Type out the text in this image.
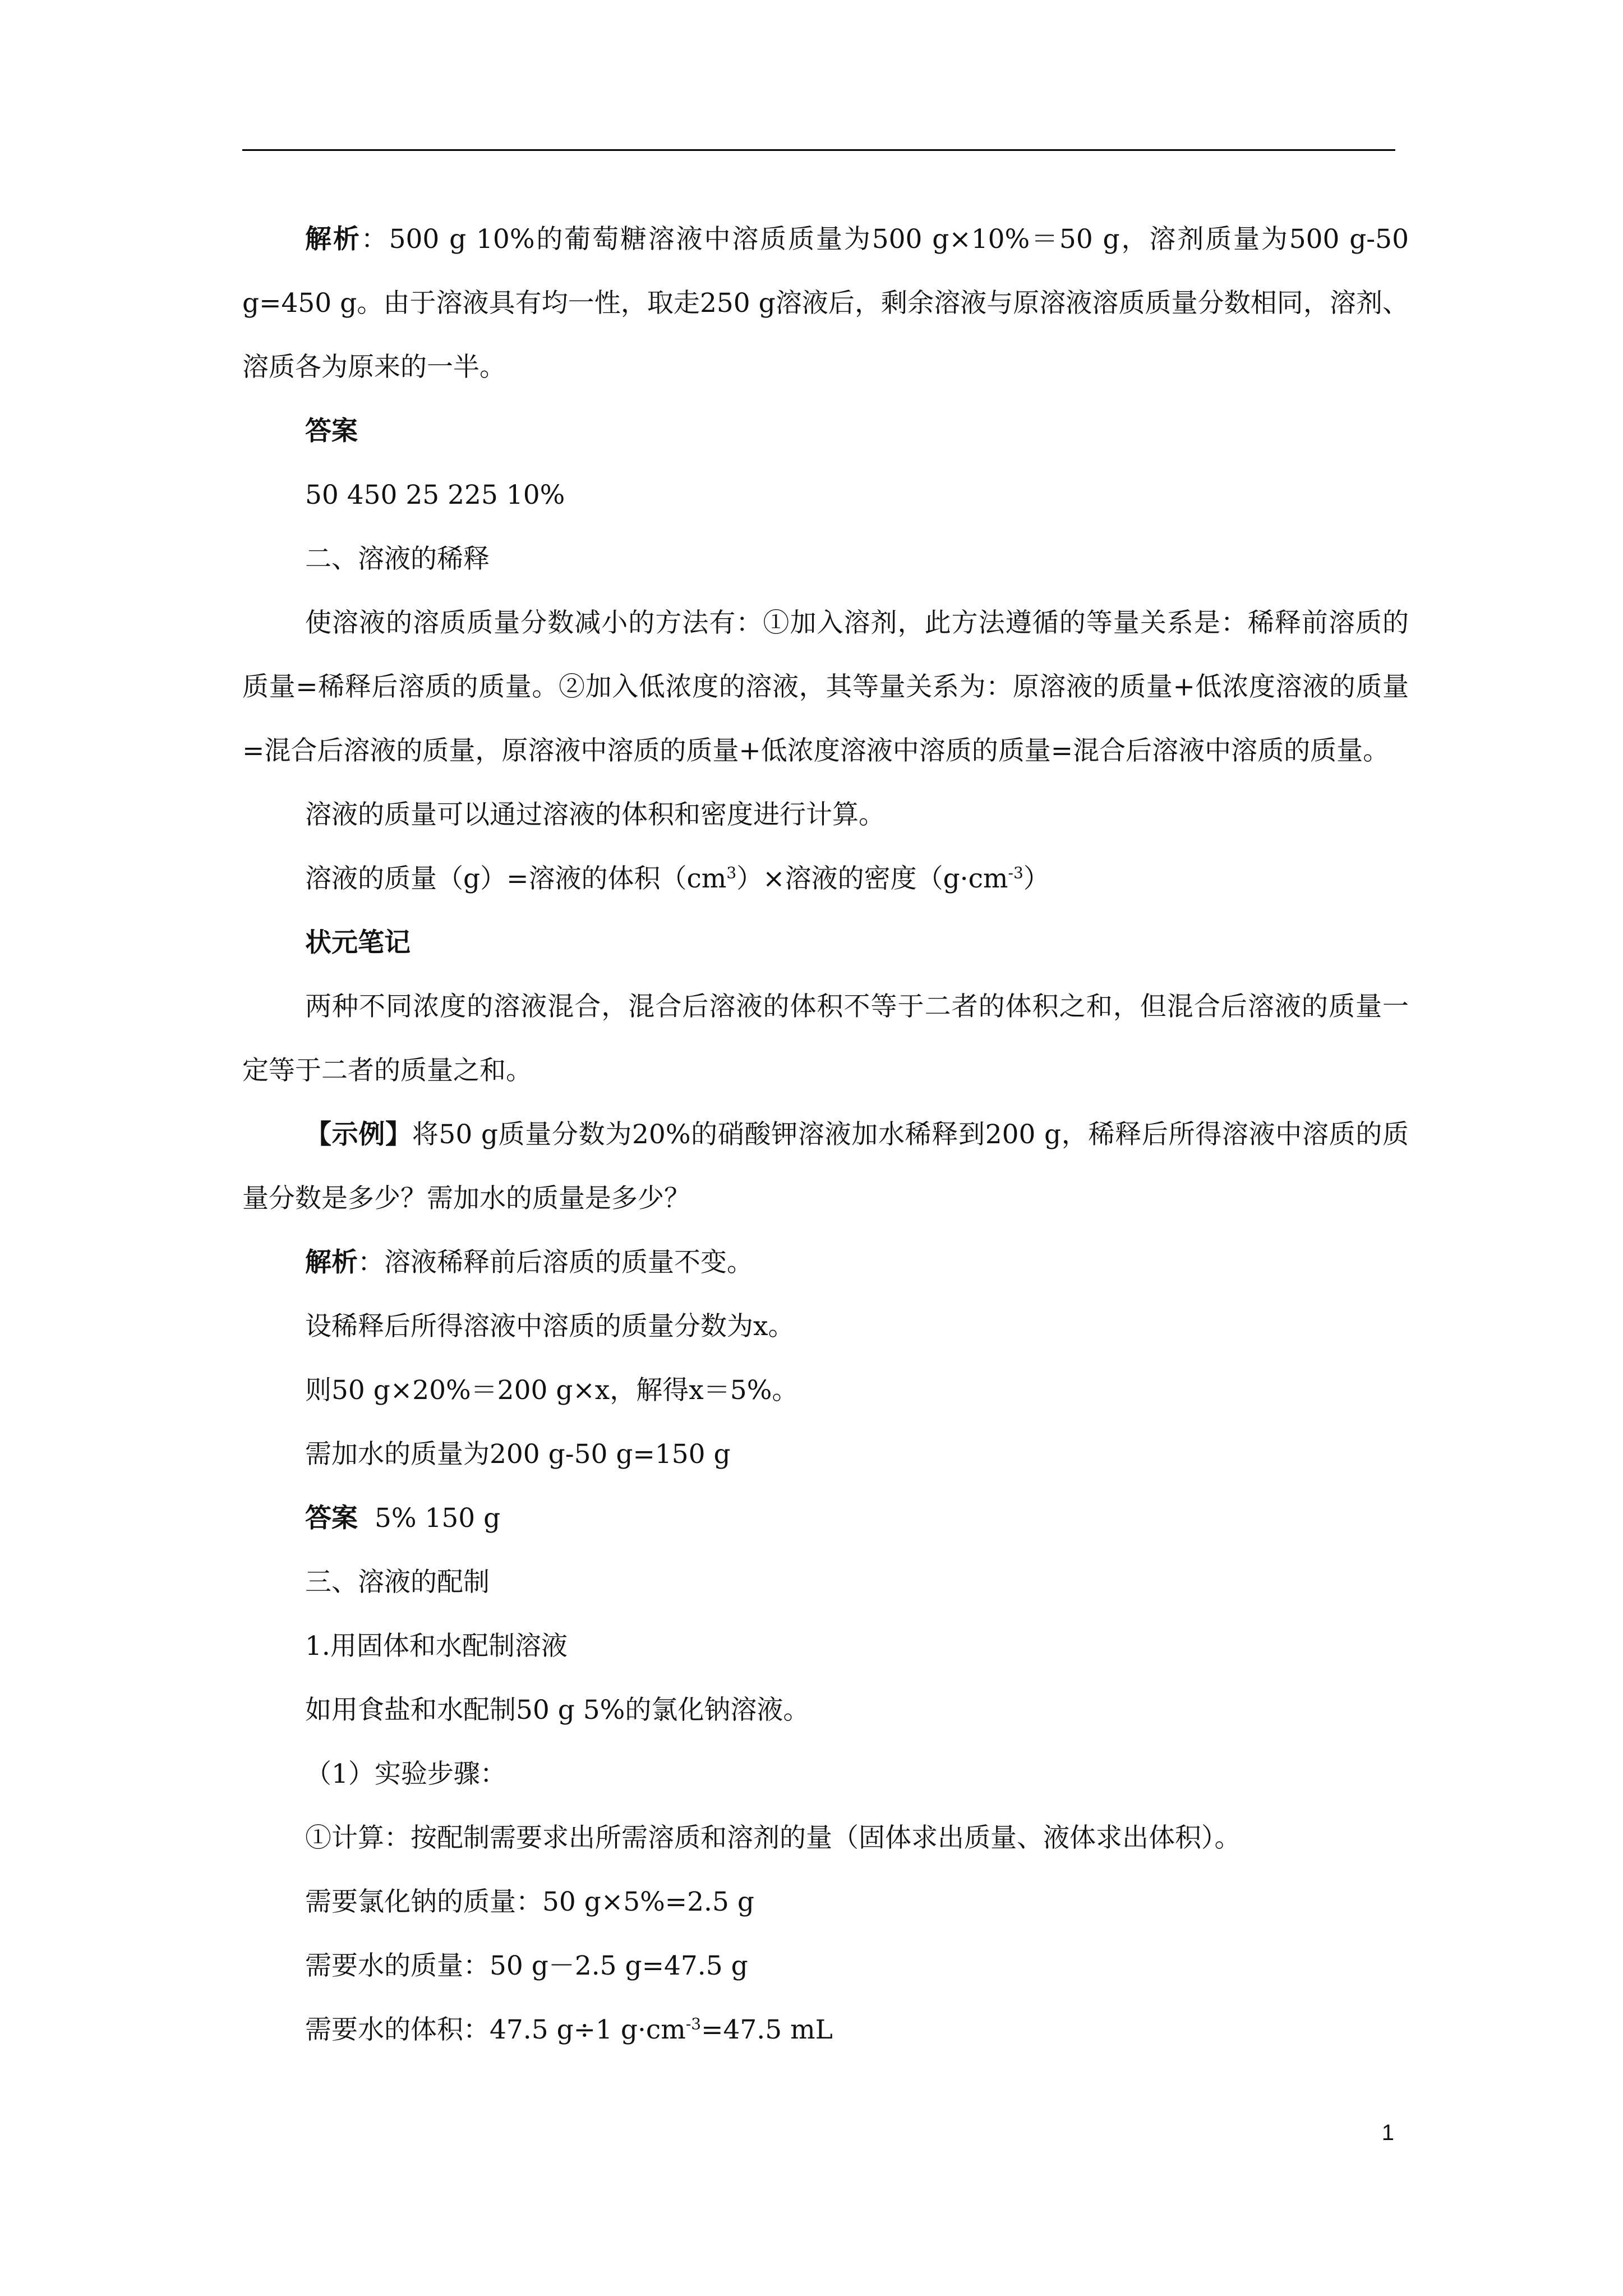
解析：500 g 10%的葡萄糖溶液中溶质质量为500 g×10%＝50 g，溶剂质量为500 g-50 g=450 g。由于溶液具有均一性，取走250 g溶液后，剩余溶液与原溶液溶质质量分数相同，溶剂、溶质各为原来的一半。

答案

50 450 25 225 10%

二、溶液的稀释

使溶液的溶质质量分数减小的方法有：①加入溶剂，此方法遵循的等量关系是：稀释前溶质的质量=稀释后溶质的质量。②加入低浓度的溶液，其等量关系为：原溶液的质量+低浓度溶液的质量=混合后溶液的质量，原溶液中溶质的质量+低浓度溶液中溶质的质量=混合后溶液中溶质的质量。

溶液的质量可以通过溶液的体积和密度进行计算。

溶液的质量（g）=溶液的体积$(cm^3)\times$溶液的密度$(g\cdot cm^{-3})$

状元笔记

两种不同浓度的溶液混合，混合后溶液的体积不等于二者的体积之和，但混合后溶液的质量一定等于二者的质量之和。

【示例】将50 g质量分数为20%的硝酸钾溶液加水稀释到200 g，稀释后所得溶液中溶质的质量分数是多少？需加水的质量是多少？

解析：溶液稀释前后溶质的质量不变。

设稀释后所得溶液中溶质的质量分数为x。

则50 g×20%＝200 g×x，解得x＝5%。

需加水的质量为200 g-50 g=150 g

答案 5% 150 g

三、溶液的配制

1.用固体和水配制溶液

如用食盐和水配制50 g 5%的氯化钠溶液。

（1）实验步骤：

①计算：按配制需要求出所需溶质和溶剂的量（固体求出质量、液体求出体积）。

需要氯化钠的质量：50 g×5%=2.5 g

需要水的质量：50 g－2.5 g=47.5 g

需要水的体积：47.5 g÷1 $g\cdot cm^{-3}=47.5$ mL

1
